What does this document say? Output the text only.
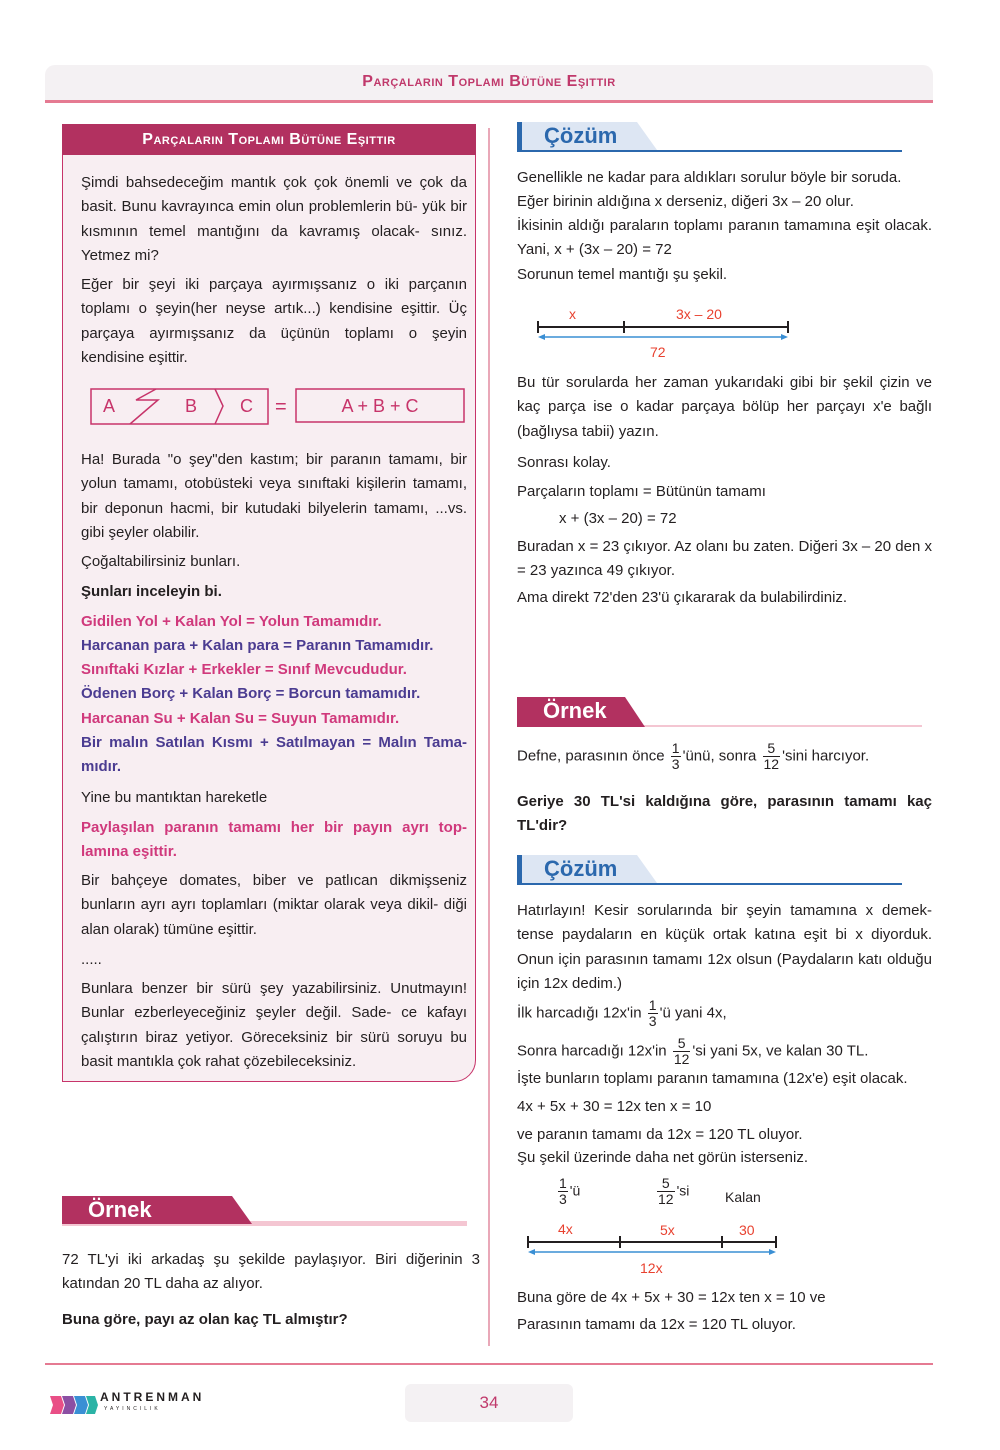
Parçaların Toplamı Bütüne Eşittir
Parçaların Toplamı Bütüne Eşittir
Şimdi bahsedeceğim mantık çok çok önemli ve çok da basit. Bunu kavrayınca emin olun problemlerin bü- yük bir kısmının temel mantığını da kavramış olacak- sınız. Yetmez mi?
Eğer bir şeyi iki parçaya ayırmışsanız o iki parçanın toplamı o şeyin(her neyse artık...) kendisine eşittir. Üç parçaya ayırmışsanız da üçünün toplamı o şeyin kendisine eşittir.
A	B C =	A + B + C
Ha! Burada "o şey"den kastım; bir paranın tamamı, bir yolun tamamı, otobüsteki veya sınıftaki kişilerin tamamı, bir deponun hacmi, bir kutudaki bilyelerin tamamı, ...vs. gibi şeyler olabilir.
Çoğaltabilirsiniz bunları.
Şunları inceleyin bi.
Gidilen Yol + Kalan Yol = Yolun Tamamıdır.
Harcanan para + Kalan para = Paranın Tamamıdır.
Sınıftaki Kızlar + Erkekler = Sınıf Mevcududur.
Ödenen Borç + Kalan Borç = Borcun tamamıdır.
Harcanan Su + Kalan Su = Suyun Tamamıdır.
Bir malın Satılan Kısmı + Satılmayan = Malın Tama- mıdır.
Yine bu mantıktan hareketle
Paylaşılan paranın tamamı her bir payın ayrı top- lamına eşittir.
Bir bahçeye domates, biber ve patlıcan dikmişseniz bunların ayrı ayrı toplamları (miktar olarak veya dikil- diği alan olarak) tümüne eşittir.
.....
Bunlara benzer bir sürü şey yazabilirsiniz. Unutmayın! Bunlar ezberleyeceğiniz şeyler değil. Sade- ce kafayı çalıştırın biraz yetiyor. Göreceksiniz bir sürü soruyu bu basit mantıkla çok rahat çözebileceksiniz.
Örnek
72 TL'yi iki arkadaş şu şekilde paylaşıyor. Biri diğerinin 3 katından 20 TL daha az alıyor.
Buna göre, payı az olan kaç TL almıştır?
Çözüm
Genellikle ne kadar para aldıkları sorulur böyle bir soruda.
Eğer birinin aldığına x derseniz, diğeri 3x – 20 olur.
İkisinin aldığı paraların toplamı paranın tamamına eşit olacak. Yani, x + (3x – 20) = 72
Sorunun temel mantığı şu şekil.
x	3x – 20
72
Bu tür sorularda her zaman yukarıdaki gibi bir şekil çizin ve kaç parça ise o kadar parçaya bölüp her parçayı x'e bağlı (bağlıysa tabii) yazın.
Sonrası kolay.
Parçaların toplamı = Bütünün tamamı
x + (3x – 20) = 72
Buradan x = 23 çıkıyor. Az olanı bu zaten. Diğeri 3x – 20 den x = 23 yazınca 49 çıkıyor.
Ama direkt 72'den 23'ü çıkararak da bulabilirdiniz.
Örnek
Defne, parasının önce $\frac{1}{3}$ 'ünü, sonra $\frac{5}{12}$ 'sini harcıyor.
Geriye 30 TL'si kaldığına göre, parasının tamamı kaç TL'dir?
Çözüm
Hatırlayın! Kesir sorularında bir şeyin tamamına x demek- tense paydaların en küçük ortak katına eşit bi x diyorduk. Onun için parasının tamamı 12x olsun (Paydaların katı olduğu için 12x dedim.)
İlk harcadığı $12x'in \frac{1}{3}$ 'ü yani 4x,
Sonra harcadığı $12x'in \frac{5}{12}$ 'si yani 5x, ve kalan 30 TL.
İşte bunların toplamı paranın tamamına (12x'e) eşit olacak.
4x + 5x + 30 = 12x ten x = 10
ve paranın tamamı da 12x = 120 TL oluyor.
Şu şekil üzerinde daha net görün isterseniz.
$\frac{1}{3}$ 'ü	$\frac{5}{12}$ 'si	Kalan
4x	5x	30
12x
Buna göre de 4x + 5x + 30 = 12x ten x = 10 ve
Parasının tamamı da 12x = 120 TL oluyor.
ANTRENMAN
YAYINCILIK	34
